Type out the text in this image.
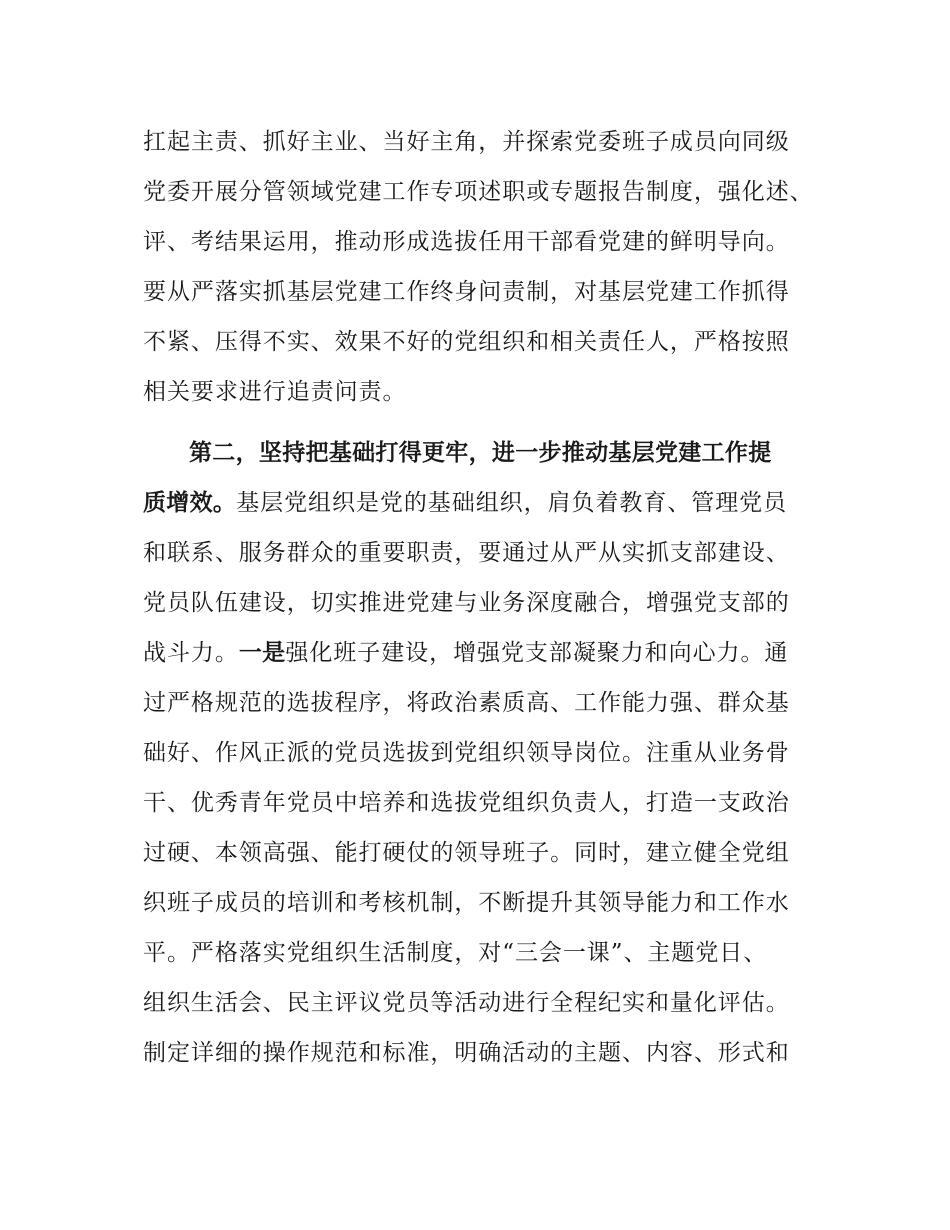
扛起主责、抓好主业、当好主角，并探索党委班子成员向同级
党委开展分管领域党建工作专项述职或专题报告制度，强化述、
评、考结果运用，推动形成选拔任用干部看党建的鲜明导向。
要从严落实抓基层党建工作终身问责制，对基层党建工作抓得
不紧、压得不实、效果不好的党组织和相关责任人，严格按照
相关要求进行追责问责。
第二，坚持把基础打得更牢，进一步推动基层党建工作提
质增效。基层党组织是党的基础组织，肩负着教育、管理党员
和联系、服务群众的重要职责，要通过从严从实抓支部建设、
党员队伍建设，切实推进党建与业务深度融合，增强党支部的
战斗力。一是强化班子建设，增强党支部凝聚力和向心力。通
过严格规范的选拔程序，将政治素质高、工作能力强、群众基
础好、作风正派的党员选拔到党组织领导岗位。注重从业务骨
干、优秀青年党员中培养和选拔党组织负责人，打造一支政治
过硬、本领高强、能打硬仗的领导班子。同时，建立健全党组
织班子成员的培训和考核机制，不断提升其领导能力和工作水
平。严格落实党组织生活制度，对“三会一课”、主题党日、
组织生活会、民主评议党员等活动进行全程纪实和量化评估。
制定详细的操作规范和标准，明确活动的主题、内容、形式和
